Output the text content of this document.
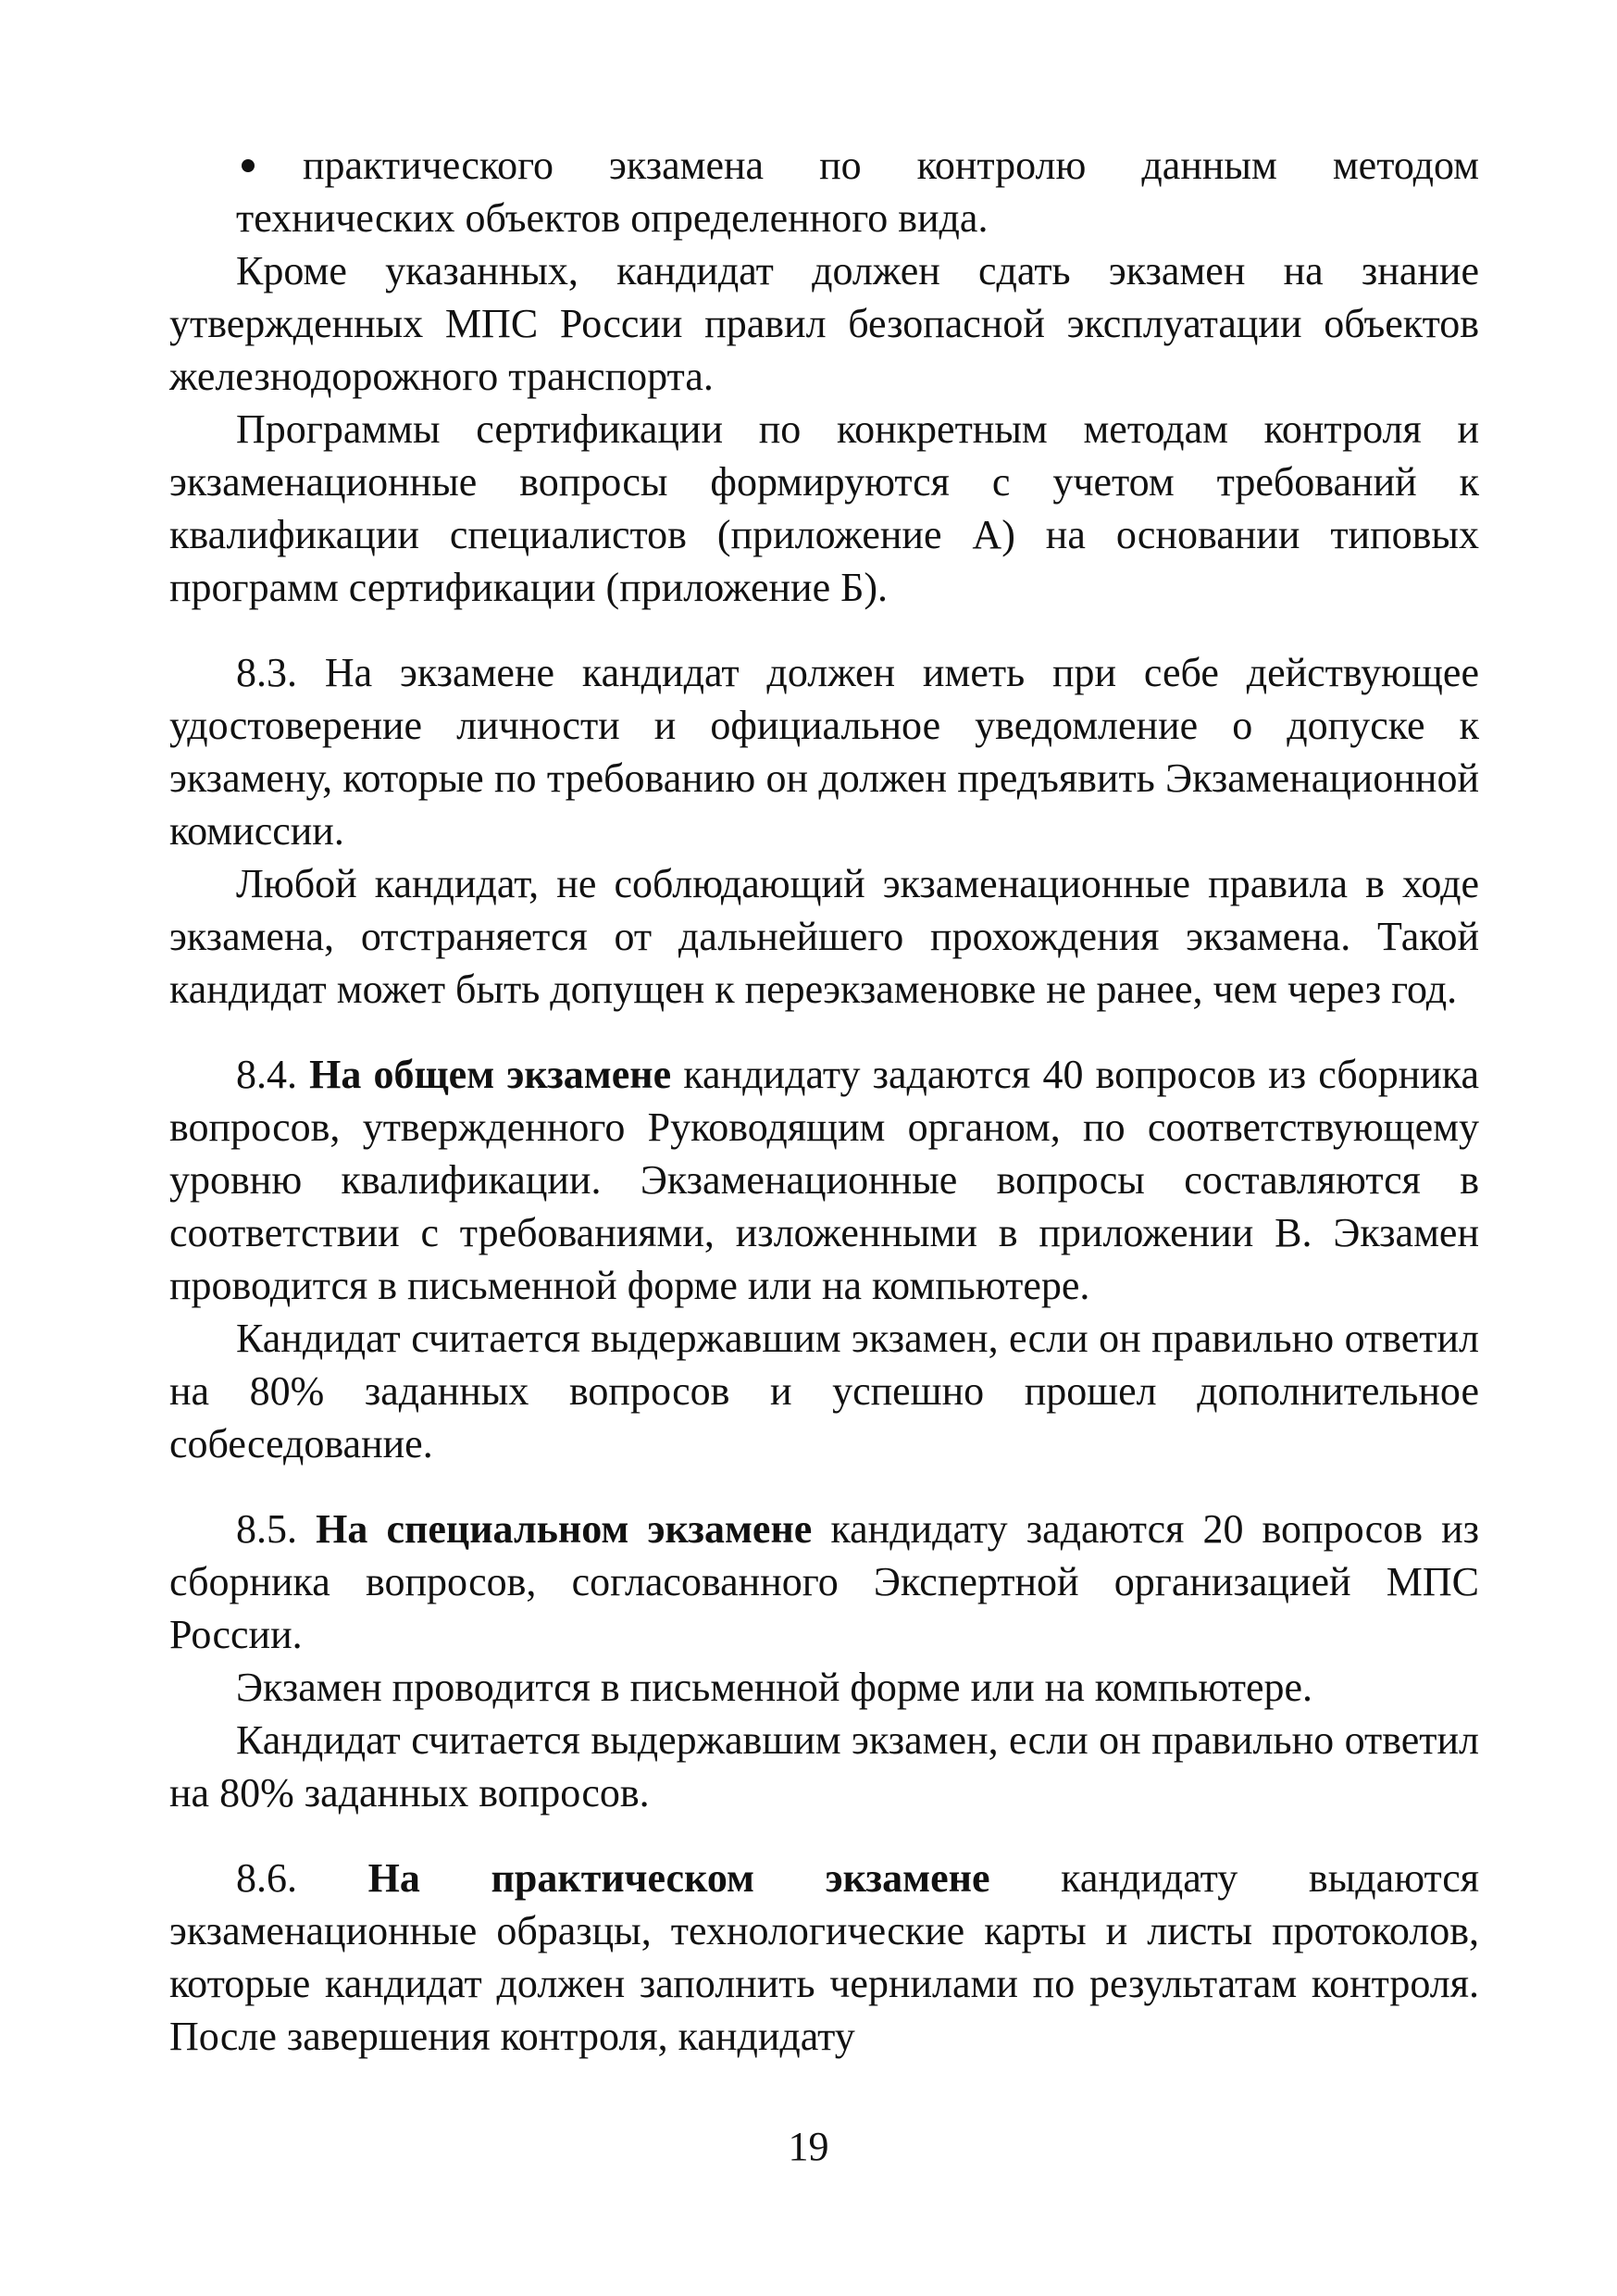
практического экзамена по контролю данным методом технических объектов определенного вида.

Кроме указанных, кандидат должен сдать экзамен на знание утвержденных МПС России правил безопасной эксплуатации объектов железнодорожного транспорта.

Программы сертификации по конкретным методам контроля и экзаменационные вопросы формируются с учетом требований к квалификации специалистов (приложение А) на основании типовых программ сертификации (приложение Б).

8.3. На экзамене кандидат должен иметь при себе действующее удостоверение личности и официальное уведомление о допуске к экзамену, которые по требованию он должен предъявить Экзаменационной комиссии.

Любой кандидат, не соблюдающий экзаменационные правила в ходе экзамена, отстраняется от дальнейшего прохождения экзамена. Такой кандидат может быть допущен к переэкзаменовке не ранее, чем через год.

8.4. На общем экзамене кандидату задаются 40 вопросов из сборника вопросов, утвержденного Руководящим органом, по соответствующему уровню квалификации. Экзаменационные вопросы составляются в соответствии с требованиями, изложенными в приложении В. Экзамен проводится в письменной форме или на компьютере.

Кандидат считается выдержавшим экзамен, если он правильно ответил на 80% заданных вопросов и успешно прошел дополнительное собеседование.

8.5. На специальном экзамене кандидату задаются 20 вопросов из сборника вопросов, согласованного Экспертной организацией МПС России.

Экзамен проводится в письменной форме или на компьютере.

Кандидат считается выдержавшим экзамен, если он правильно ответил на 80% заданных вопросов.

8.6. На практическом экзамене кандидату выдаются экзаменационные образцы, технологические карты и листы протоколов, которые кандидат должен заполнить чернилами по результатам контроля. После завершения контроля, кандидату

19
